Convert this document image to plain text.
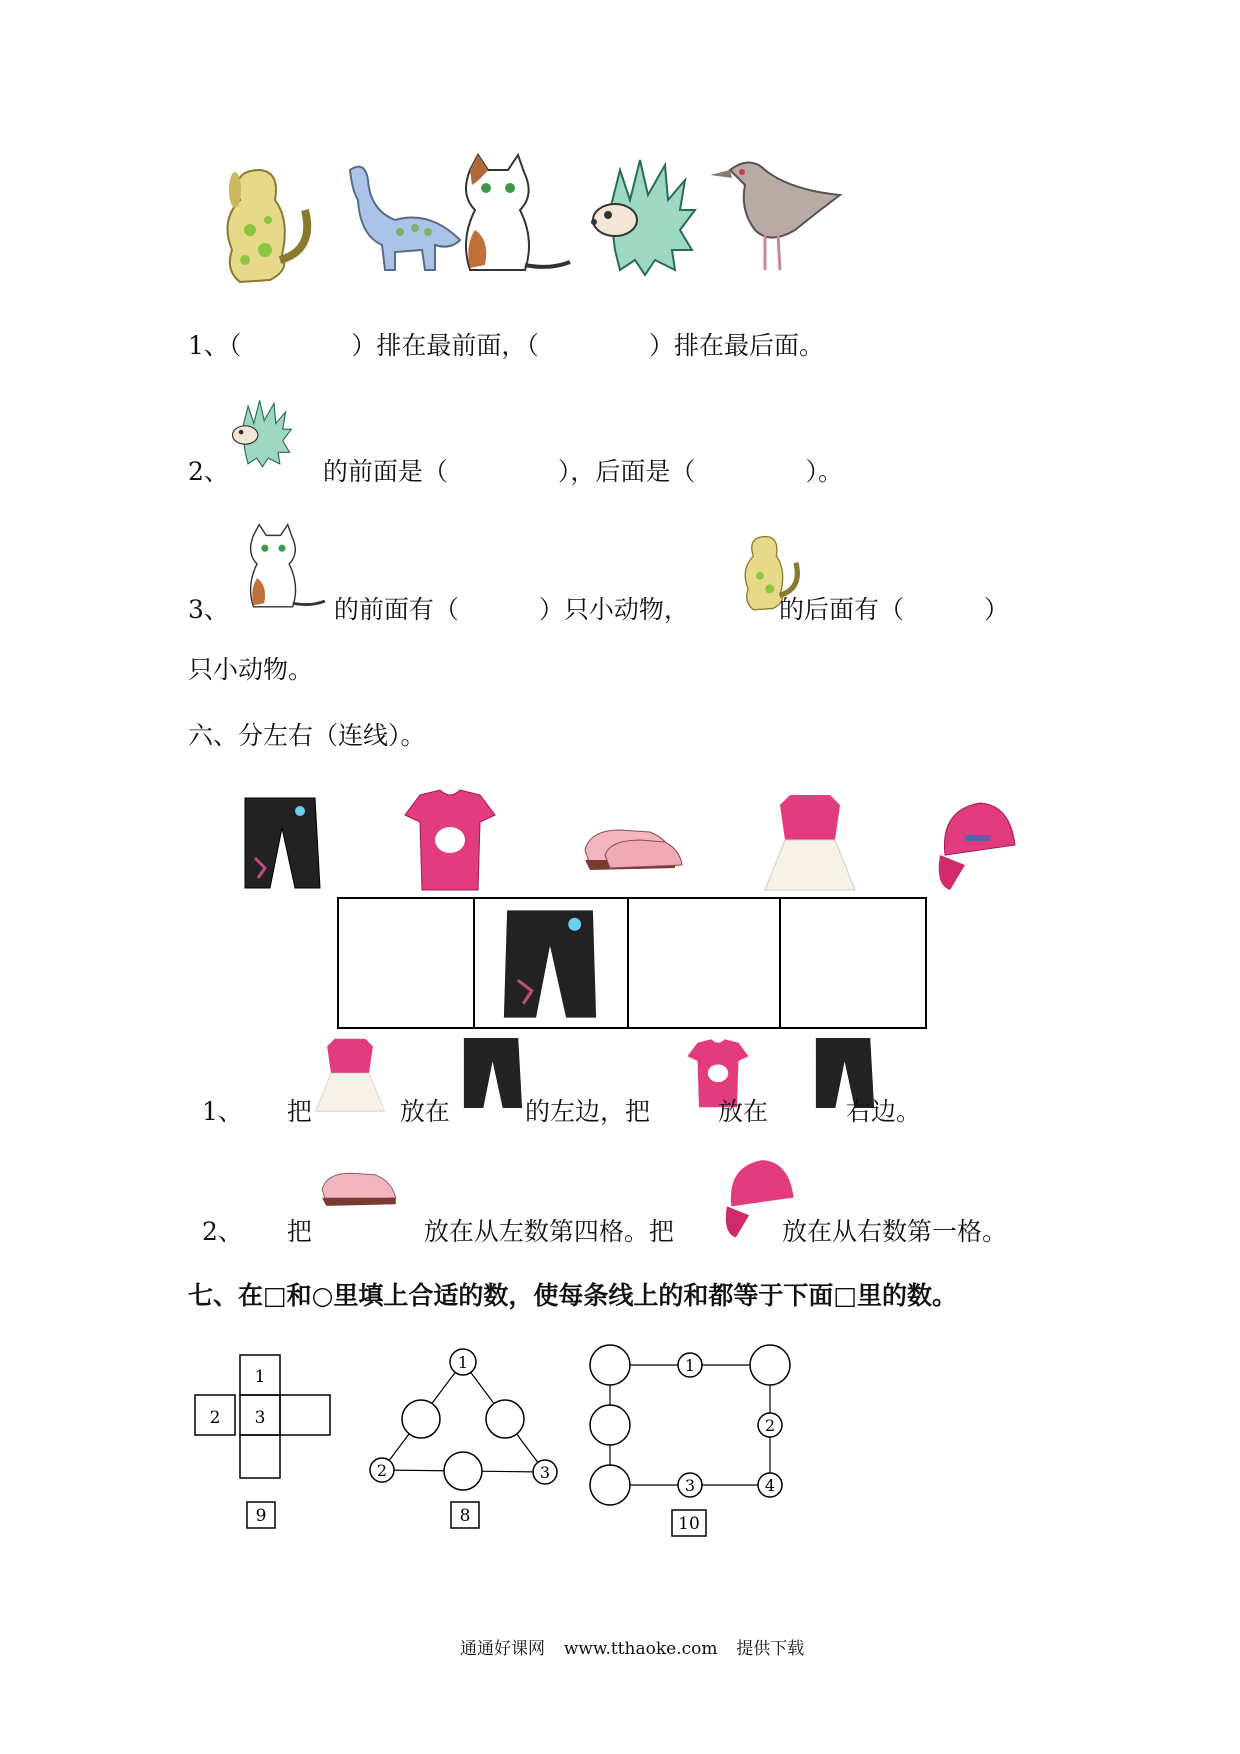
1、（	）排在最前面，（	）排在最后面。
2、	的前面是（	），后面是（	）。
3、	的前面有（	）只小动物，	的后面有（	）
只小动物。
六、分左右（连线）。
1、 把	放在	的左边，把	放在	右边。
2、 把	放在从左数第四格。把	放在从右数第一格。
七、在□和○里填上合适的数，使每条线上的和都等于下面□里的数。
1
2 3
9
1
2	3
8
1
2
3	4
10
通通好课网 www.tthaoke.com 提供下载
